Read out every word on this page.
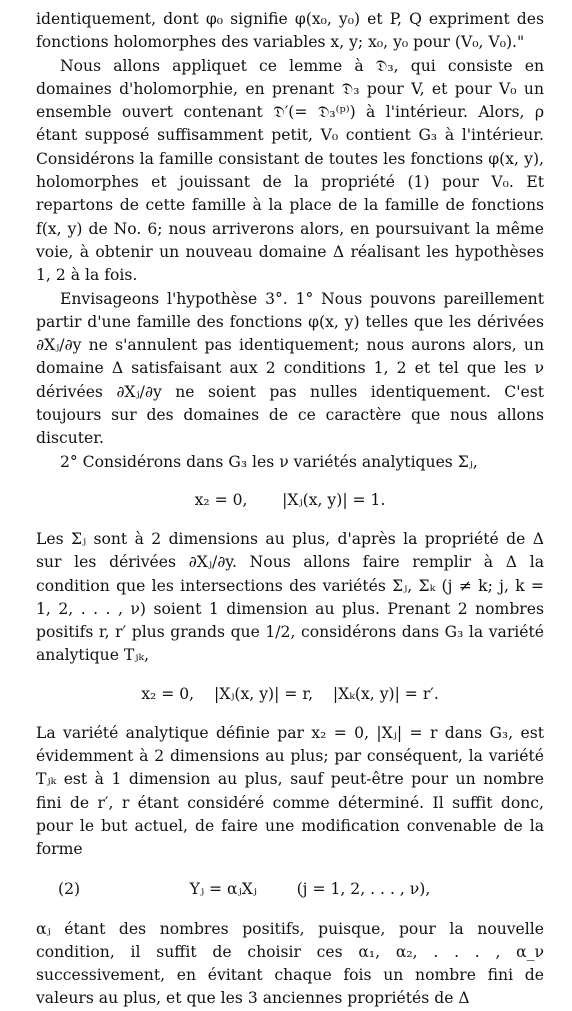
identiquement, dont φ₀ signifie φ(x₀, y₀) et P, Q expriment des fonctions holomorphes des variables x, y; x₀, y₀ pour (V₀, V₀)."

Nous allons appliquet ce lemme à 𝔇₃, qui consiste en domaines d'holomorphie, en prenant 𝔇₃ pour V, et pour V₀ un ensemble ouvert contenant 𝔇′(= 𝔇₃⁽ᵖ⁾) à l'intérieur. Alors, ρ étant supposé suffisamment petit, V₀ contient G₃ à l'intérieur. Considérons la famille consistant de toutes les fonctions φ(x, y), holomorphes et jouissant de la propriété (1) pour V₀. Et repartons de cette famille à la place de la famille de fonctions f(x, y) de No. 6; nous arriverons alors, en poursuivant la même voie, à obtenir un nouveau domaine Δ réalisant les hypothèses 1, 2 à la fois.

Envisageons l'hypothèse 3°. 1° Nous pouvons pareillement partir d'une famille des fonctions φ(x, y) telles que les dérivées ∂Xⱼ/∂y ne s'annulent pas identiquement; nous aurons alors, un domaine Δ satisfaisant aux 2 conditions 1, 2 et tel que les ν dérivées ∂Xⱼ/∂y ne soient pas nulles identiquement. C'est toujours sur des domaines de ce caractère que nous allons discuter.

2° Considérons dans G₃ les ν variétés analytiques Σⱼ,

x₂ = 0,       |Xⱼ(x, y)| = 1.

Les Σⱼ sont à 2 dimensions au plus, d'après la propriété de Δ sur les dérivées ∂Xⱼ/∂y. Nous allons faire remplir à Δ la condition que les intersections des variétés Σⱼ, Σₖ (j ≠ k; j, k = 1, 2, . . . , ν) soient 1 dimension au plus. Prenant 2 nombres positifs r, r′ plus grands que 1/2, considérons dans G₃ la variété analytique Tⱼₖ,

x₂ = 0,    |Xⱼ(x, y)| = r,    |Xₖ(x, y)| = r′.

La variété analytique définie par x₂ = 0, |Xⱼ| = r dans G₃, est évidemment à 2 dimensions au plus; par conséquent, la variété Tⱼₖ est à 1 dimension au plus, sauf peut-être pour un nombre fini de r′, r étant considéré comme déterminé. Il suffit donc, pour le but actuel, de faire une modification convenable de la forme

(2)	Yⱼ = αⱼXⱼ        (j = 1, 2, . . . , ν),

αⱼ étant des nombres positifs, puisque, pour la nouvelle condition, il suffit de choisir ces α₁, α₂, . . . , α_ν successivement, en évitant chaque fois un nombre fini de valeurs au plus, et que les 3 anciennes propriétés de Δ
